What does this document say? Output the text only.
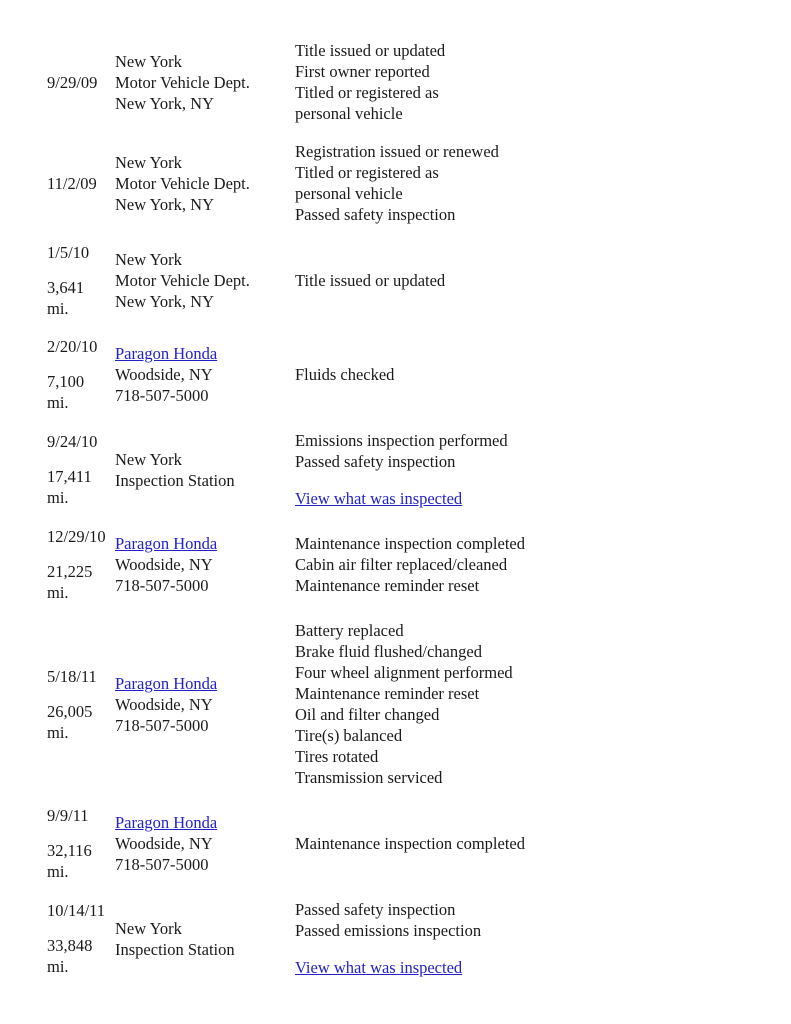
9/29/09
New York
Motor Vehicle Dept.
New York, NY
Title issued or updated
First owner reported
Titled or registered as
personal vehicle
11/2/09
New York
Motor Vehicle Dept.
New York, NY
Registration issued or renewed
Titled or registered as
personal vehicle
Passed safety inspection
1/5/10
3,641
mi.
New York
Motor Vehicle Dept.
New York, NY
Title issued or updated
2/20/10
7,100
mi.
Paragon Honda
Woodside, NY
718-507-5000
Fluids checked
9/24/10
17,411
mi.
New York
Inspection Station
Emissions inspection performed
Passed safety inspection
View what was inspected
12/29/10
21,225
mi.
Paragon Honda
Woodside, NY
718-507-5000
Maintenance inspection completed
Cabin air filter replaced/cleaned
Maintenance reminder reset
5/18/11
26,005
mi.
Paragon Honda
Woodside, NY
718-507-5000
Battery replaced
Brake fluid flushed/changed
Four wheel alignment performed
Maintenance reminder reset
Oil and filter changed
Tire(s) balanced
Tires rotated
Transmission serviced
9/9/11
32,116
mi.
Paragon Honda
Woodside, NY
718-507-5000
Maintenance inspection completed
10/14/11
33,848
mi.
New York
Inspection Station
Passed safety inspection
Passed emissions inspection
View what was inspected
